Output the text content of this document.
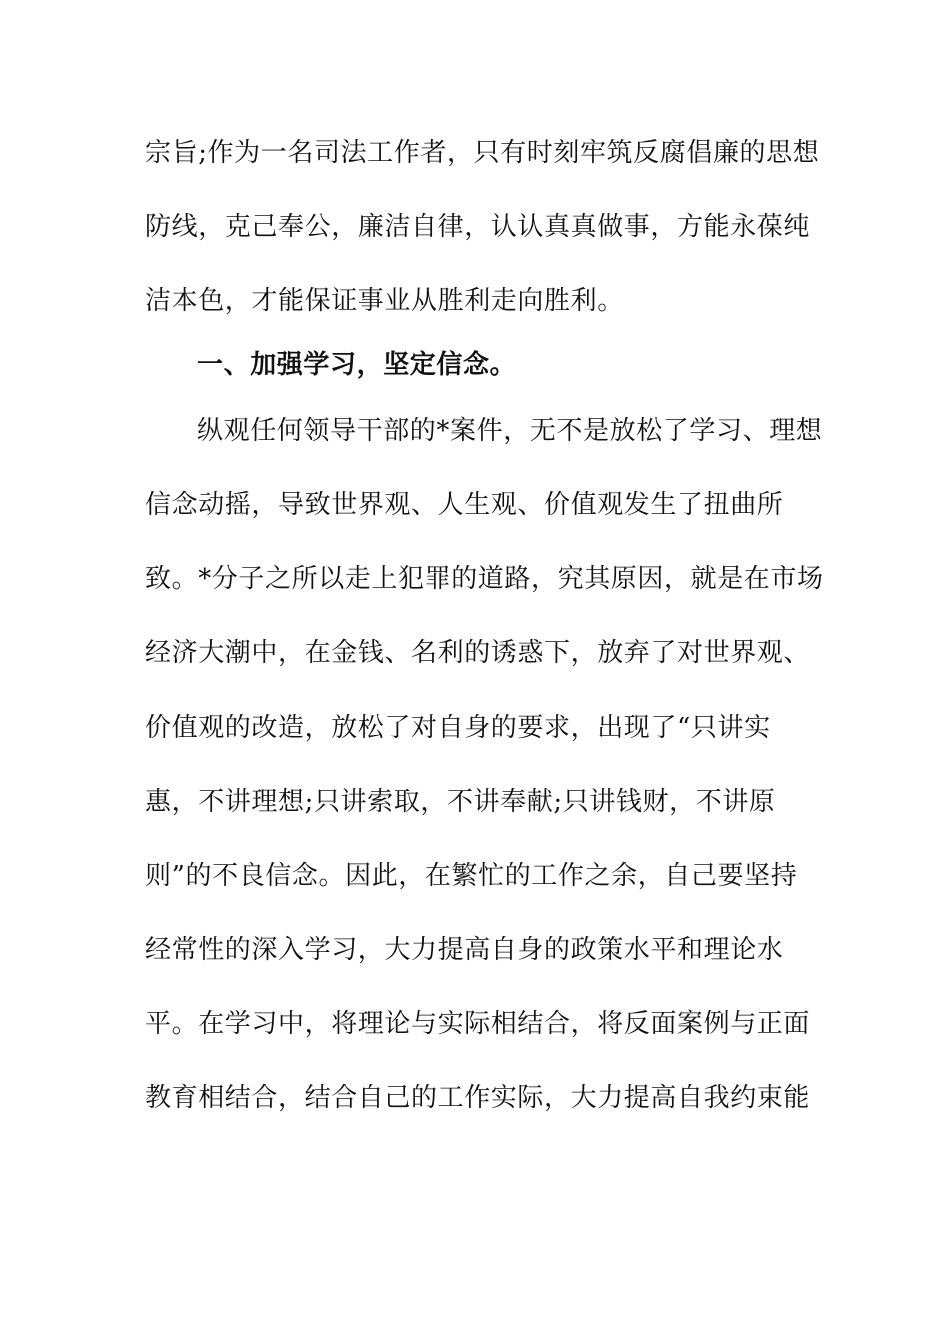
宗旨;作为一名司法工作者，只有时刻牢筑反腐倡廉的思想
防线，克己奉公，廉洁自律，认认真真做事，方能永葆纯
洁本色，才能保证事业从胜利走向胜利。
一、加强学习，坚定信念。
纵观任何领导干部的*案件，无不是放松了学习、理想
信念动摇，导致世界观、人生观、价值观发生了扭曲所
致。*分子之所以走上犯罪的道路，究其原因，就是在市场
经济大潮中，在金钱、名利的诱惑下，放弃了对世界观、
价值观的改造，放松了对自身的要求，出现了“只讲实
惠，不讲理想;只讲索取，不讲奉献;只讲钱财，不讲原
则”的不良信念。因此，在繁忙的工作之余，自己要坚持
经常性的深入学习，大力提高自身的政策水平和理论水
平。在学习中，将理论与实际相结合，将反面案例与正面
教育相结合，结合自己的工作实际，大力提高自我约束能
